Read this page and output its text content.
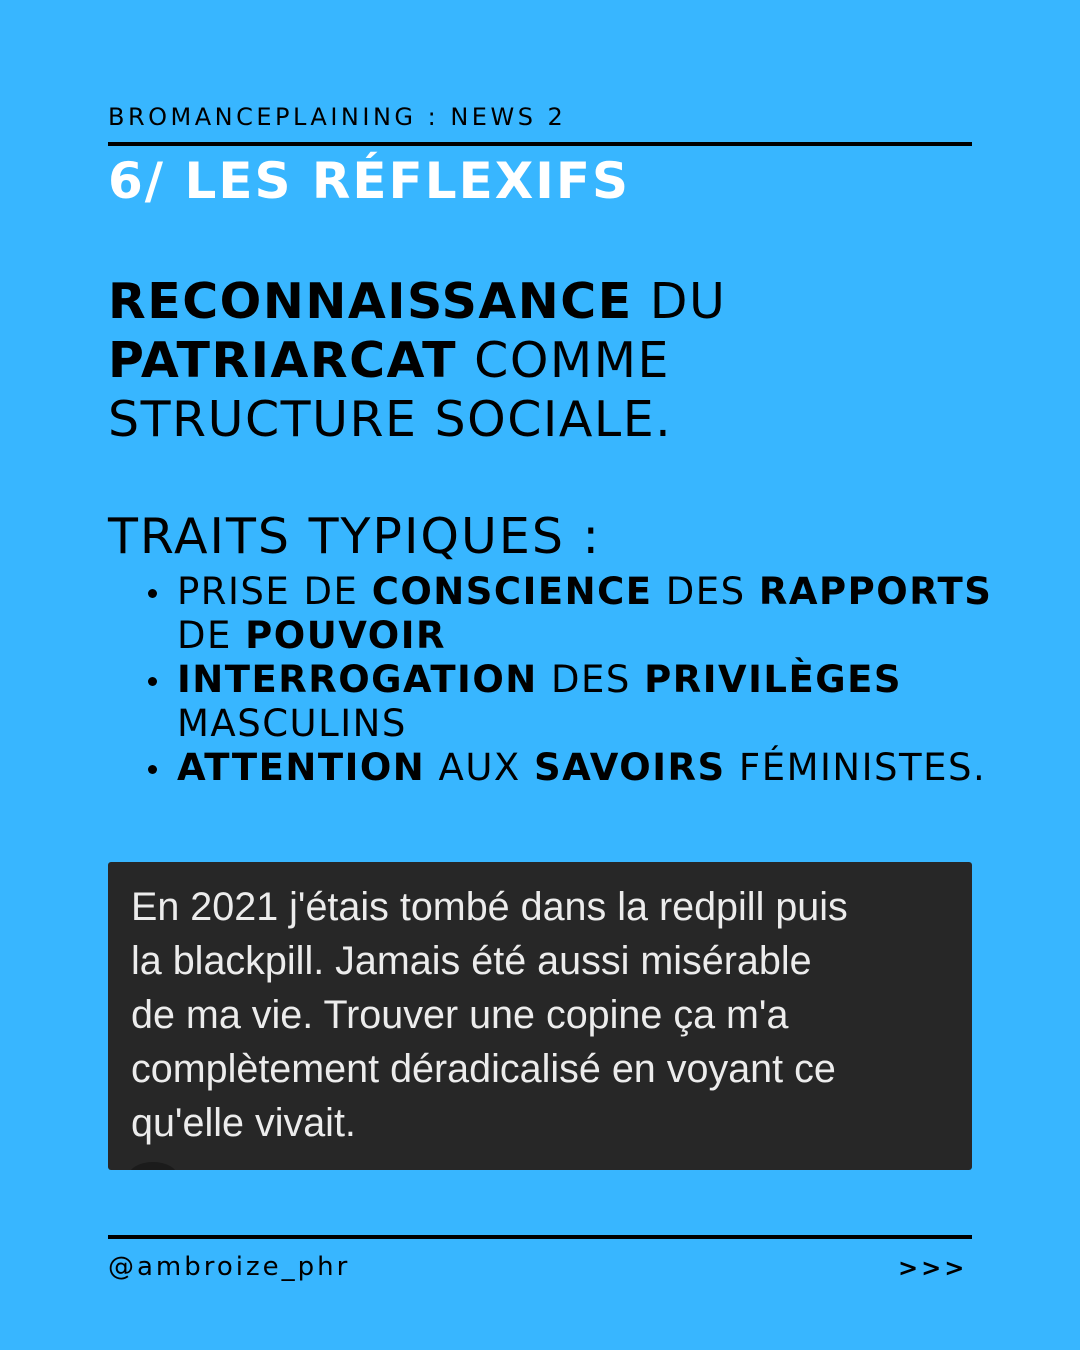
BROMANCEPLAINING : NEWS 2
6/ LES RÉFLEXIFS
RECONNAISSANCE DU
PATRIARCAT COMME
STRUCTURE SOCIALE.
TRAITS TYPIQUES :
PRISE DE CONSCIENCE DES RAPPORTS
DE POUVOIR
INTERROGATION DES PRIVILÈGES
MASCULINS
ATTENTION AUX SAVOIRS FÉMINISTES.

En 2021 j'étais tombé dans la redpill puis
la blackpill. Jamais été aussi misérable
de ma vie. Trouver une copine ça m'a
complètement déradicalisé en voyant ce
qu'elle vivait.

@ambroize_phr	>>>
